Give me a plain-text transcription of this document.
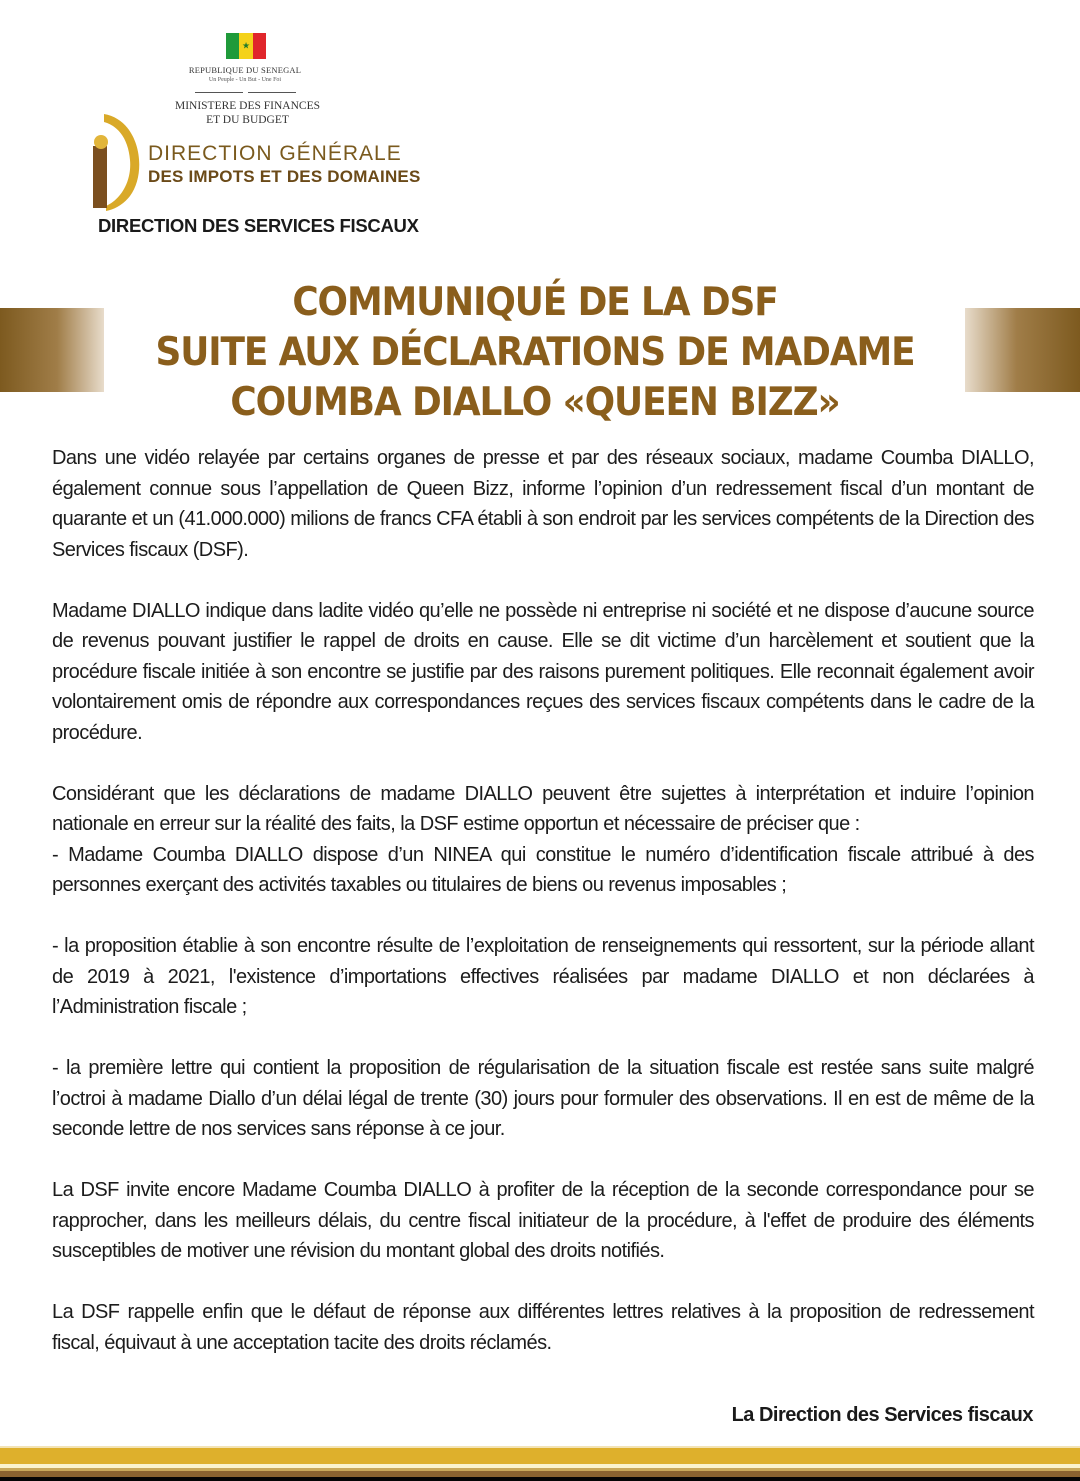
★
REPUBLIQUE DU SENEGAL
Un Peuple - Un But - Une Foi
MINISTERE DES FINANCES
ET DU BUDGET
DIRECTION GÉNÉRALE
DES IMPOTS ET DES DOMAINES
DIRECTION DES SERVICES FISCAUX
COMMUNIQUÉ DE LA DSF
SUITE AUX DÉCLARATIONS DE MADAME
COUMBA DIALLO «QUEEN BIZZ»

Dans une vidéo relayée par certains organes de presse et par des réseaux sociaux, madame Coumba DIALLO, également connue sous l’appellation de Queen Bizz, informe l’opinion d’un redressement fiscal d’un montant de quarante et un (41.000.000) milions de francs CFA établi à son endroit par les services compétents de la Direction des Services fiscaux (DSF).

Madame DIALLO indique dans ladite vidéo qu’elle ne possède ni entreprise ni société et ne dispose d’aucune source de revenus pouvant justifier le rappel de droits en cause. Elle se dit victime d’un harcèlement et soutient que la procédure fiscale initiée à son encontre se justifie par des raisons purement politiques. Elle reconnait également avoir volontairement omis de répondre aux correspondances reçues des services fiscaux compétents dans le cadre de la procédure.

Considérant que les déclarations de madame DIALLO peuvent être sujettes à interprétation et induire l’opinion nationale en erreur sur la réalité des faits, la DSF estime opportun et nécessaire de préciser que :

- Madame Coumba DIALLO dispose d’un NINEA qui constitue le numéro d’identification fiscale attribué à des personnes exerçant des activités taxables ou titulaires de biens ou revenus imposables ;

- la proposition établie à son encontre résulte de l’exploitation de renseignements qui ressortent, sur la période allant de 2019 à 2021, l'existence d’importations effectives réalisées par madame DIALLO et non déclarées à l’Administration fiscale ;

- la première lettre qui contient la proposition de régularisation de la situation fiscale est restée sans suite malgré l’octroi à madame Diallo d’un délai légal de trente (30) jours pour formuler des observations. Il en est de même de la seconde lettre de nos services sans réponse à ce jour.

La DSF invite encore Madame Coumba DIALLO à profiter de la réception de la seconde correspondance pour se rapprocher, dans les meilleurs délais, du centre fiscal initiateur de la procédure, à l'effet de produire des éléments susceptibles de motiver une révision du montant global des droits notifiés.

La DSF rappelle enfin que le défaut de réponse aux différentes lettres relatives à la proposition de redressement fiscal, équivaut à une acceptation tacite des droits réclamés.

La Direction des Services fiscaux
